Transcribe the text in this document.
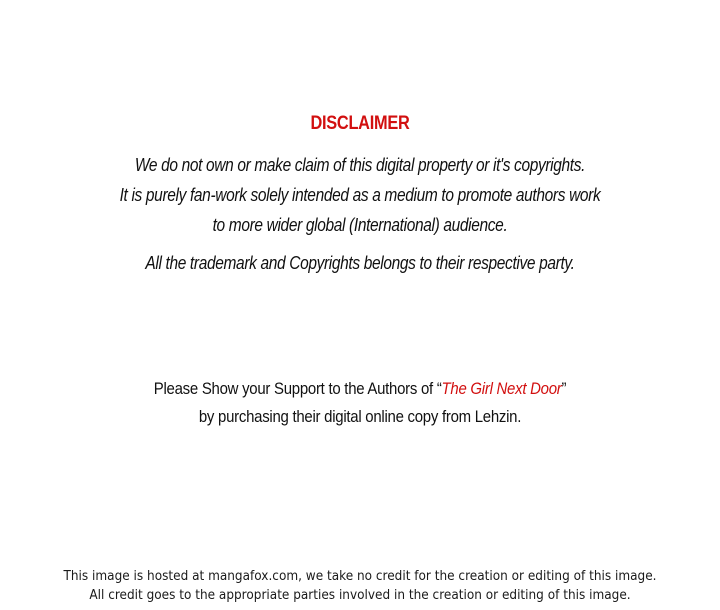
DISCLAIMER
We do not own or make claim of this digital property or it's copyrights.
It is purely fan-work solely intended as a medium to promote authors work
to more wider global (International) audience.
All the trademark and Copyrights belongs to their respective party.
Please Show your Support to the Authors of “The Girl Next Door”
by purchasing their digital online copy from Lehzin.
This image is hosted at mangafox.com, we take no credit for the creation or editing of this image.
All credit goes to the appropriate parties involved in the creation or editing of this image.
